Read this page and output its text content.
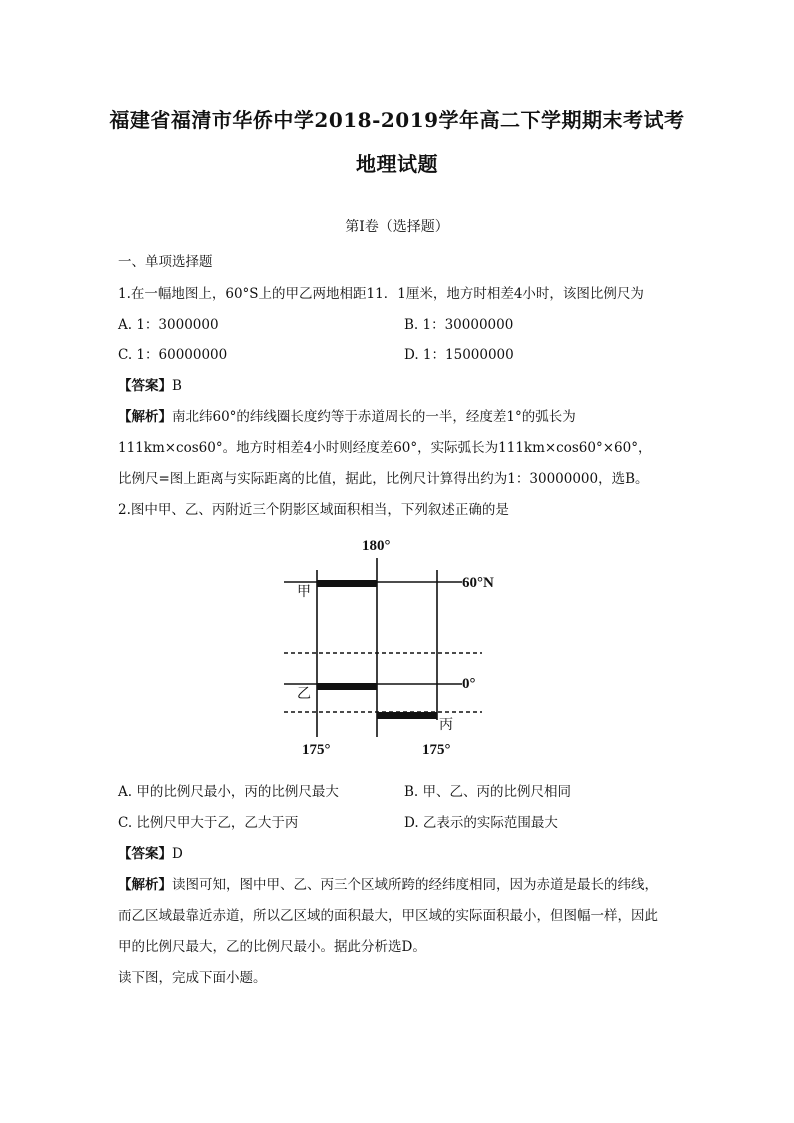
福建省福清市华侨中学2018-2019学年高二下学期期末考试考
地理试题
第Ⅰ卷（选择题）
一、单项选择题
1.在一幅地图上，60°S上的甲乙两地相距11．1厘米，地方时相差4小时，该图比例尺为
A. 1：3000000	B. 1：30000000
C. 1：60000000	D. 1：15000000
【答案】B
【解析】南北纬60°的纬线圈长度约等于赤道周长的一半，经度差1°的弧长为
111km×cos60°。地方时相差4小时则经度差60°，实际弧长为111km×cos60°×60°，
比例尺=图上距离与实际距离的比值，据此，比例尺计算得出约为1：30000000，选B。
2.图中甲、乙、丙附近三个阴影区域面积相当，下列叙述正确的是
180°
60°N
0°
甲
乙
丙
175°	175°
A. 甲的比例尺最小，丙的比例尺最大	B. 甲、乙、丙的比例尺相同
C. 比例尺甲大于乙，乙大于丙	D. 乙表示的实际范围最大
【答案】D
【解析】读图可知，图中甲、乙、丙三个区域所跨的经纬度相同，因为赤道是最长的纬线，
而乙区域最靠近赤道，所以乙区域的面积最大，甲区域的实际面积最小，但图幅一样，因此
甲的比例尺最大，乙的比例尺最小。据此分析选D。
读下图，完成下面小题。
